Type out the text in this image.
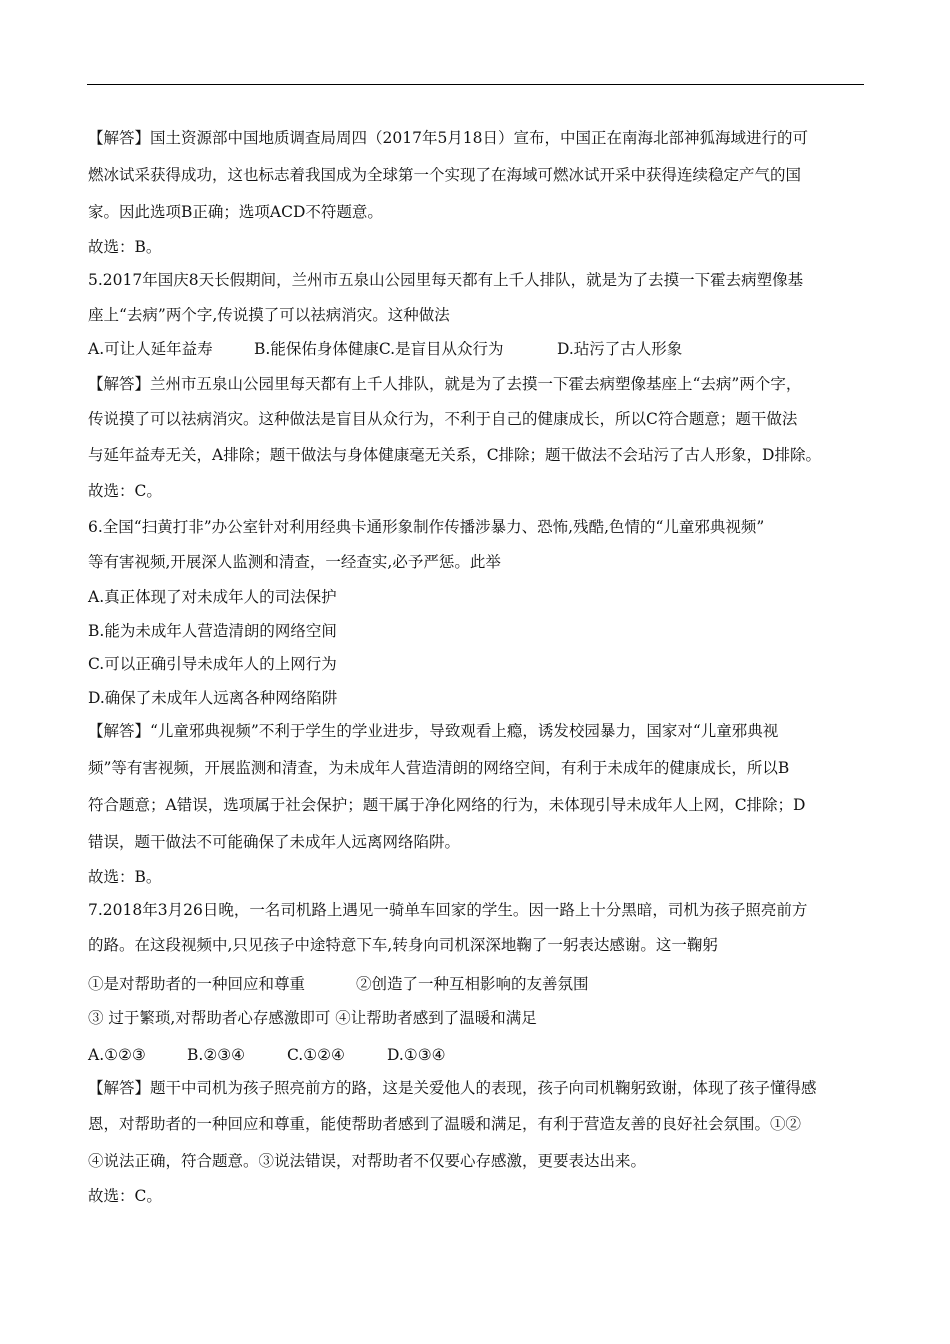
【解答】国土资源部中国地质调查局周四（2017年5月18日）宣布，中国正在南海北部神狐海域进行的可
燃冰试采获得成功，这也标志着我国成为全球第一个实现了在海域可燃冰试开采中获得连续稳定产气的国
家。因此选项B正确；选项ACD不符题意。
故选：B。
5.2017年国庆8天长假期间，兰州市五泉山公园里每天都有上千人排队，就是为了去摸一下霍去病塑像基
座上“去病”两个字,传说摸了可以祛病消灾。这种做法
A.可让人延年益寿	B.能保佑身体健康C.是盲目从众行为	D.玷污了古人形象
【解答】兰州市五泉山公园里每天都有上千人排队，就是为了去摸一下霍去病塑像基座上“去病”两个字，
传说摸了可以祛病消灾。这种做法是盲目从众行为，不利于自己的健康成长，所以C符合题意；题干做法
与延年益寿无关，A排除；题干做法与身体健康毫无关系，C排除；题干做法不会玷污了古人形象，D排除。
故选：C。
6.全国“扫黄打非”办公室针对利用经典卡通形象制作传播涉暴力、恐怖,残酷,色情的“儿童邪典视频”
等有害视频,开展深人监测和清查，一经查实,必予严惩。此举
A.真正体现了对未成年人的司法保护
B.能为未成年人营造清朗的网络空间
C.可以正确引导未成年人的上网行为
D.确保了未成年人远离各种网络陷阱
【解答】“儿童邪典视频”不利于学生的学业进步，导致观看上瘾，诱发校园暴力，国家对“儿童邪典视
频”等有害视频，开展监测和清查，为未成年人营造清朗的网络空间，有利于未成年的健康成长，所以B
符合题意；A错误，选项属于社会保护；题干属于净化网络的行为，未体现引导未成年人上网，C排除；D
错误，题干做法不可能确保了未成年人远离网络陷阱。
故选：B。
7.2018年3月26日晚，一名司机路上遇见一骑单车回家的学生。因一路上十分黑暗，司机为孩子照亮前方
的路。在这段视频中,只见孩子中途特意下车,转身向司机深深地鞠了一躬表达感谢。这一鞠躬
①是对帮助者的一种回应和尊重	②创造了一种互相影响的友善氛围
③ 过于繁琐,对帮助者心存感激即可 ④让帮助者感到了温暖和满足
A.①②③	B.②③④	C.①②④	D.①③④
【解答】题干中司机为孩子照亮前方的路，这是关爱他人的表现，孩子向司机鞠躬致谢，体现了孩子懂得感
恩，对帮助者的一种回应和尊重，能使帮助者感到了温暖和满足，有利于营造友善的良好社会氛围。①②
④说法正确，符合题意。③说法错误，对帮助者不仅要心存感激，更要表达出来。
故选：C。
